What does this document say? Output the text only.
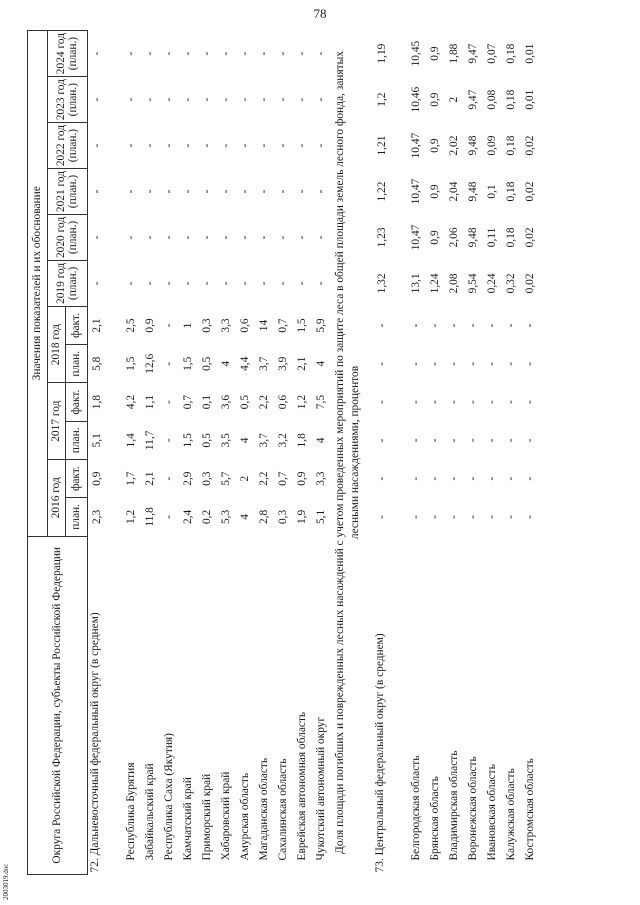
78
Округа Российской Федерации, субъекты Российской Федерации	Значения показателей и их обоснование											
	2016 год		2017 год		2018 год		2019 год (план.)	2020 год (план.)	2021 год (план.)	2022 год (план.)	2023 год (план.)	2024 год (план.)
	план.	факт.	план.	факт.	план.	факт.						
72. Дальневосточный федеральный округ (в среднем)	2,3	0,9	5,1	1,8	5,8	2,1	-	-	-	-	-	-
Республика Бурятия	1,2	1,7	1,4	4,2	1,5	2,5	-	-	-	-	-	-
Забайкальский край	11,8	2,1	11,7	1,1	12,6	0,9	-	-	-	-	-	-
Республика Саха (Якутия)	-	-	-	-	-	-	-	-	-	-	-	-
Камчатский край	2,4	2,9	1,5	0,7	1,5	1	-	-	-	-	-	-
Приморский край	0,2	0,3	0,5	0,1	0,5	0,3	-	-	-	-	-	-
Хабаровский край	5,3	5,7	3,5	3,6	4	3,3	-	-	-	-	-	-
Амурская область	4	2	4	0,5	4,4	0,6	-	-	-	-	-	-
Магаданская область	2,8	2,2	3,7	2,2	3,7	14	-	-	-	-	-	-
Сахалинская область	0,3	0,7	3,2	0,6	3,9	0,7	-	-	-	-	-	-
Еврейская автономная область	1,9	0,9	1,8	1,2	2,1	1,5	-	-	-	-	-	-
Чукотский автономный округ	5,1	3,3	4	7,5	4	5,9	-	-	-	-	-	-
Доля площади погибших и поврежденных лесных насаждений с учетом проведенных мероприятий по защите леса в общей площади земель лесного фонда, занятых лесными насаждениями, процентов												
73. Центральный федеральный округ (в среднем)	-	-	-	-	-	-	1,32	1,23	1,22	1,21	1,2	1,19
Белгородская область	-	-	-	-	-	-	13,1	10,47	10,47	10,47	10,46	10,45
Брянская область	-	-	-	-	-	-	1,24	0,9	0,9	0,9	0,9	0,9
Владимирская область	-	-	-	-	-	-	2,08	2,06	2,04	2,02	2	1,88
Воронежская область	-	-	-	-	-	-	9,54	9,48	9,48	9,48	9,47	9,47
Ивановская область	-	-	-	-	-	-	0,24	0,11	0,1	0,09	0,08	0,07
Калужская область	-	-	-	-	-	-	0,32	0,18	0,18	0,18	0,18	0,18
Костромская область	-	-	-	-	-	-	0,02	0,02	0,02	0,02	0,01	0,01
2003019.doc
